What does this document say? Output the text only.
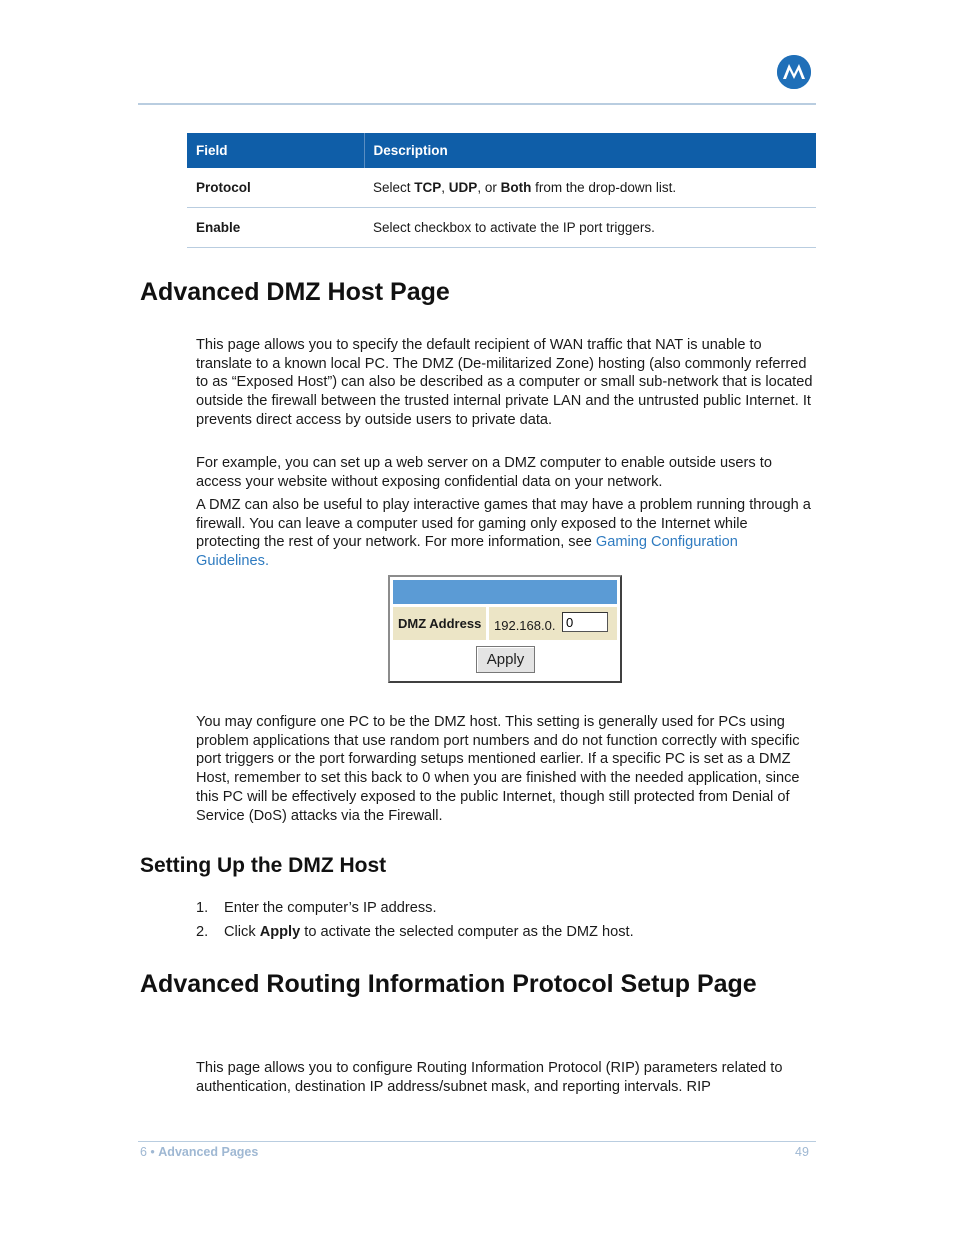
Field	Description
Protocol	Select TCP, UDP, or Both from the drop-down list.
Enable	Select checkbox to activate the IP port triggers.
Advanced DMZ Host Page

This page allows you to specify the default recipient of WAN traffic that NAT is unable to translate to a known local PC. The DMZ (De-militarized Zone) hosting (also commonly referred to as “Exposed Host”) can also be described as a computer or small sub-network that is located outside the firewall between the trusted internal private LAN and the untrusted public Internet. It prevents direct access by outside users to private data.

For example, you can set up a web server on a DMZ computer to enable outside users to access your website without exposing confidential data on your network.

A DMZ can also be useful to play interactive games that may have a problem running through a firewall. You can leave a computer used for gaming only exposed to the Internet while protecting the rest of your network. For more information, see Gaming Configuration Guidelines.

DMZ Address 192.168.0.
0
Apply

You may configure one PC to be the DMZ host. This setting is generally used for PCs using problem applications that use random port numbers and do not function correctly with specific port triggers or the port forwarding setups mentioned earlier. If a specific PC is set as a DMZ Host, remember to set this back to 0 when you are finished with the needed application, since this PC will be effectively exposed to the public Internet, though still protected from Denial of Service (DoS) attacks via the Firewall.

Setting Up the DMZ Host
1. Enter the computer’s IP address.
2. Click Apply to activate the selected computer as the DMZ host.
Advanced Routing Information Protocol Setup Page

This page allows you to configure Routing Information Protocol (RIP) parameters related to authentication, destination IP address/subnet mask, and reporting intervals. RIP

6 • Advanced Pages	49
